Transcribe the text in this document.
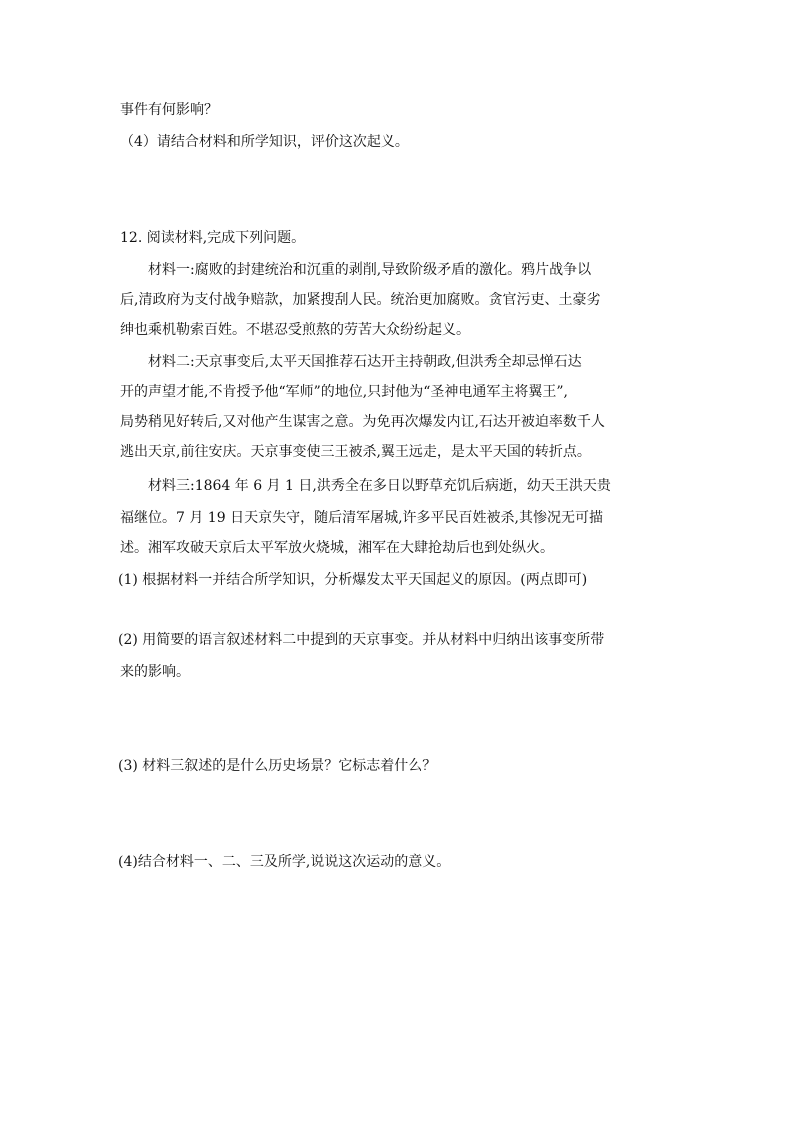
事件有何影响？
（4）请结合材料和所学知识，评价这次起义。
12. 阅读材料,完成下列问题。
材料一:腐败的封建统治和沉重的剥削,导致阶级矛盾的激化。鸦片战争以
后,清政府为支付战争赔款，加紧搜刮人民。统治更加腐败。贪官污吏、土豪劣
绅也乘机勒索百姓。不堪忍受煎熬的劳苦大众纷纷起义。
材料二:天京事变后,太平天国推荐石达开主持朝政,但洪秀全却忌惮石达
开的声望才能,不肯授予他“军师”的地位,只封他为“圣神电通军主将翼王”,
局势稍见好转后,又对他产生谋害之意。为免再次爆发内讧,石达开被迫率数千人
逃出天京,前往安庆。天京事变使三王被杀,翼王远走，是太平天国的转折点。
材料三:1864 年 6 月 1 日,洪秀全在多日以野草充饥后病逝，幼天王洪天贵
福继位。7 月 19 日天京失守，随后清军屠城,许多平民百姓被杀,其惨况无可描
述。湘军攻破天京后太平军放火烧城，湘军在大肆抢劫后也到处纵火。
(1) 根据材料一并结合所学知识，分析爆发太平天国起义的原因。(两点即可)
(2) 用简要的语言叙述材料二中提到的天京事变。并从材料中归纳出该事变所带
来的影响。
(3) 材料三叙述的是什么历史场景？它标志着什么？
(4)结合材料一、二、三及所学,说说这次运动的意义。
